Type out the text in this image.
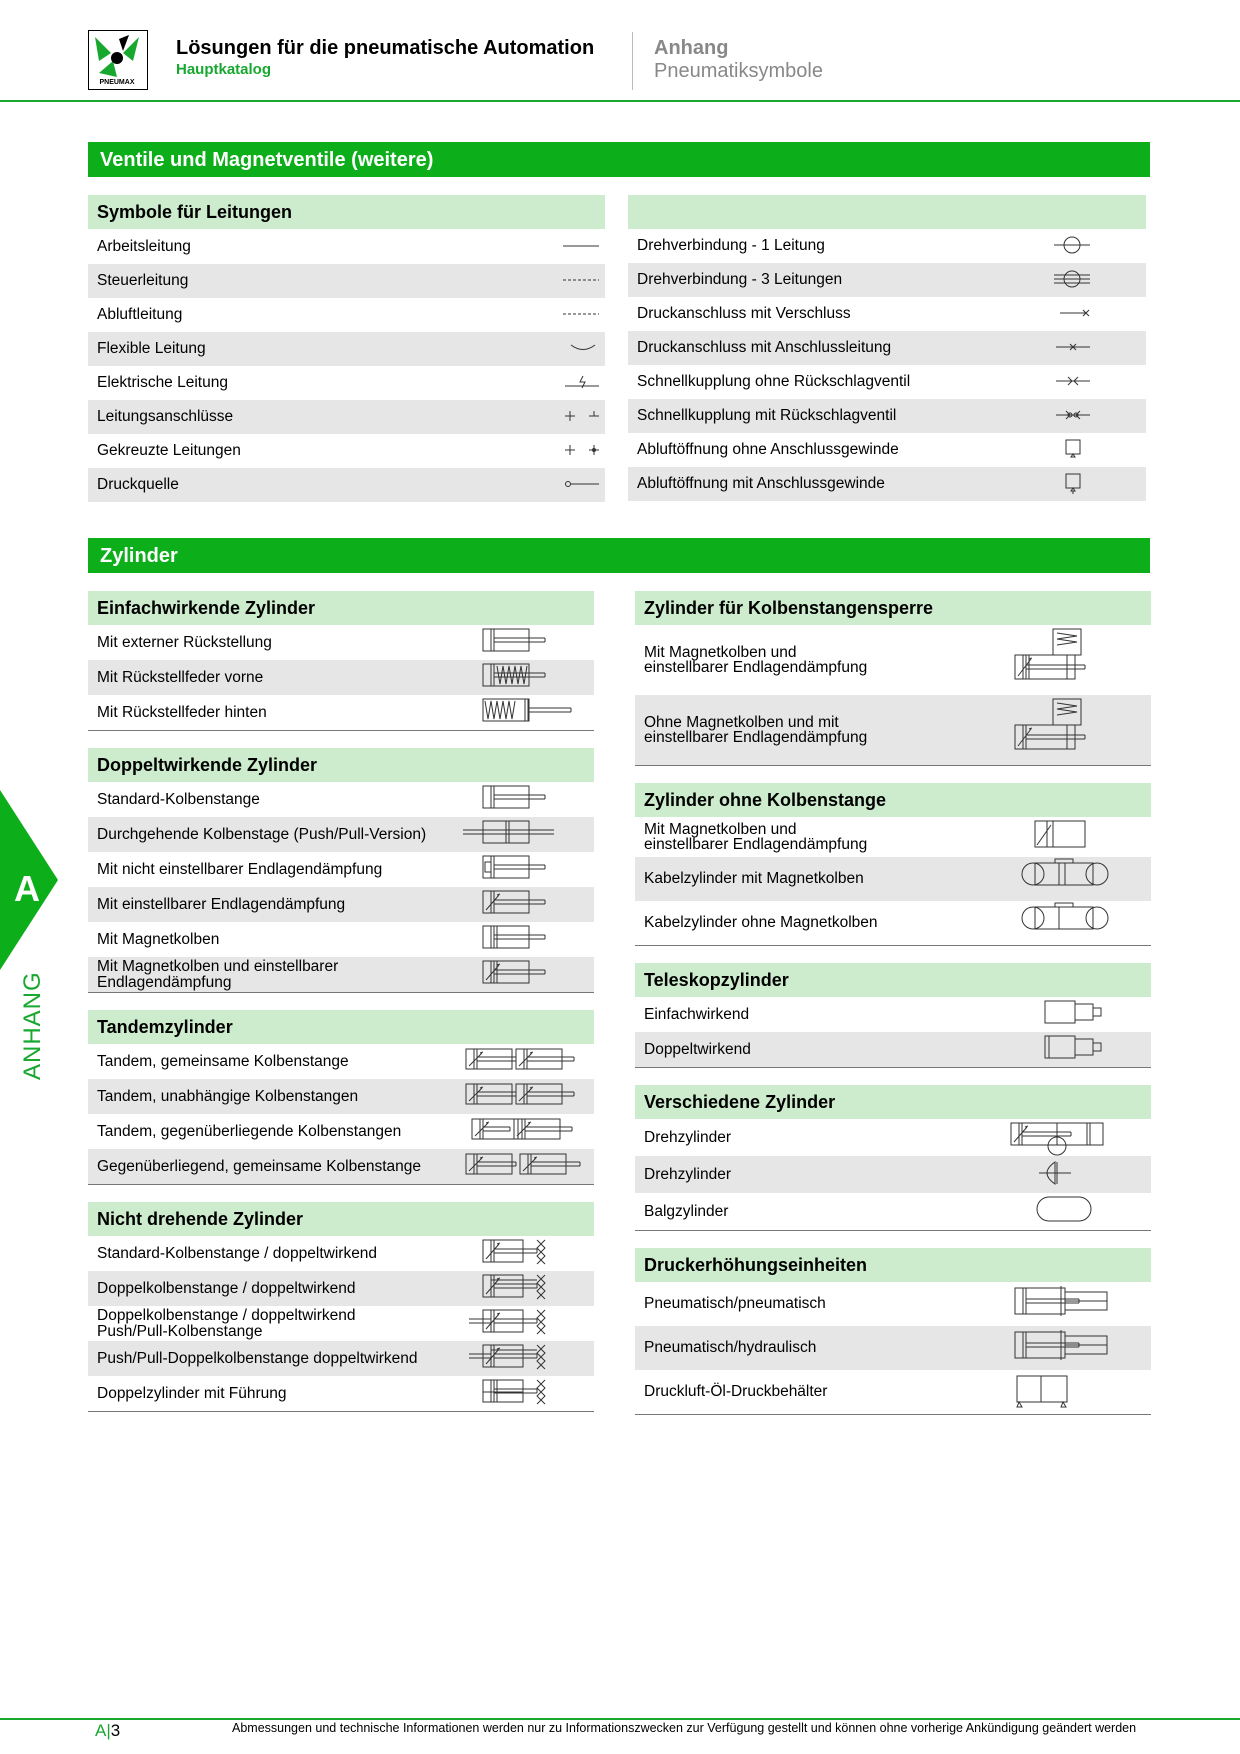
PNEUMAX
Lösungen für die pneumatische Automation
Hauptkatalog
Anhang
Pneumatiksymbole
Ventile und Magnetventile (weitere)
Symbole für Leitungen
Arbeitsleitung
Steuerleitung
Abluftleitung
Flexible Leitung
Elektrische Leitung
Leitungsanschlüsse
Gekreuzte Leitungen
Druckquelle
Drehverbindung - 1 Leitung
Drehverbindung - 3 Leitungen
Druckanschluss mit Verschluss
Druckanschluss mit Anschlussleitung
Schnellkupplung ohne Rückschlagventil
Schnellkupplung mit Rückschlagventil
Abluftöffnung ohne Anschlussgewinde
Abluftöffnung mit Anschlussgewinde
Zylinder
Einfachwirkende Zylinder
Mit externer Rückstellung
Mit Rückstellfeder vorne
Mit Rückstellfeder hinten
Doppeltwirkende Zylinder
Standard-Kolbenstange
Durchgehende Kolbenstage (Push/Pull-Version)
Mit nicht einstellbarer Endlagendämpfung
Mit einstellbarer Endlagendämpfung
Mit Magnetkolben
Mit Magnetkolben und einstellbarer
Endlagendämpfung
Tandemzylinder
Tandem, gemeinsame Kolbenstange
Tandem, unabhängige Kolbenstangen
Tandem, gegenüberliegende Kolbenstangen
Gegenüberliegend, gemeinsame Kolbenstange
Nicht drehende Zylinder
Standard-Kolbenstange / doppeltwirkend
Doppelkolbenstange / doppeltwirkend
Doppelkolbenstange / doppeltwirkend
Push/Pull-Kolbenstange
Push/Pull-Doppelkolbenstange doppeltwirkend
Doppelzylinder mit Führung
Zylinder für Kolbenstangensperre
Mit Magnetkolben und
einstellbarer Endlagendämpfung
Ohne Magnetkolben und mit
einstellbarer Endlagendämpfung
Zylinder ohne Kolbenstange
Mit Magnetkolben und
einstellbarer Endlagendämpfung
Kabelzylinder mit Magnetkolben
Kabelzylinder ohne Magnetkolben
Teleskopzylinder
Einfachwirkend
Doppeltwirkend
Verschiedene Zylinder
Drehzylinder
Drehzylinder
Balgzylinder
Druckerhöhungseinheiten
Pneumatisch/pneumatisch
Pneumatisch/hydraulisch
Druckluft-Öl-Druckbehälter
A
ANHANG
A|3	Abmessungen und technische Informationen werden nur zu Informationszwecken zur Verfügung gestellt und können ohne vorherige Ankündigung geändert werden
